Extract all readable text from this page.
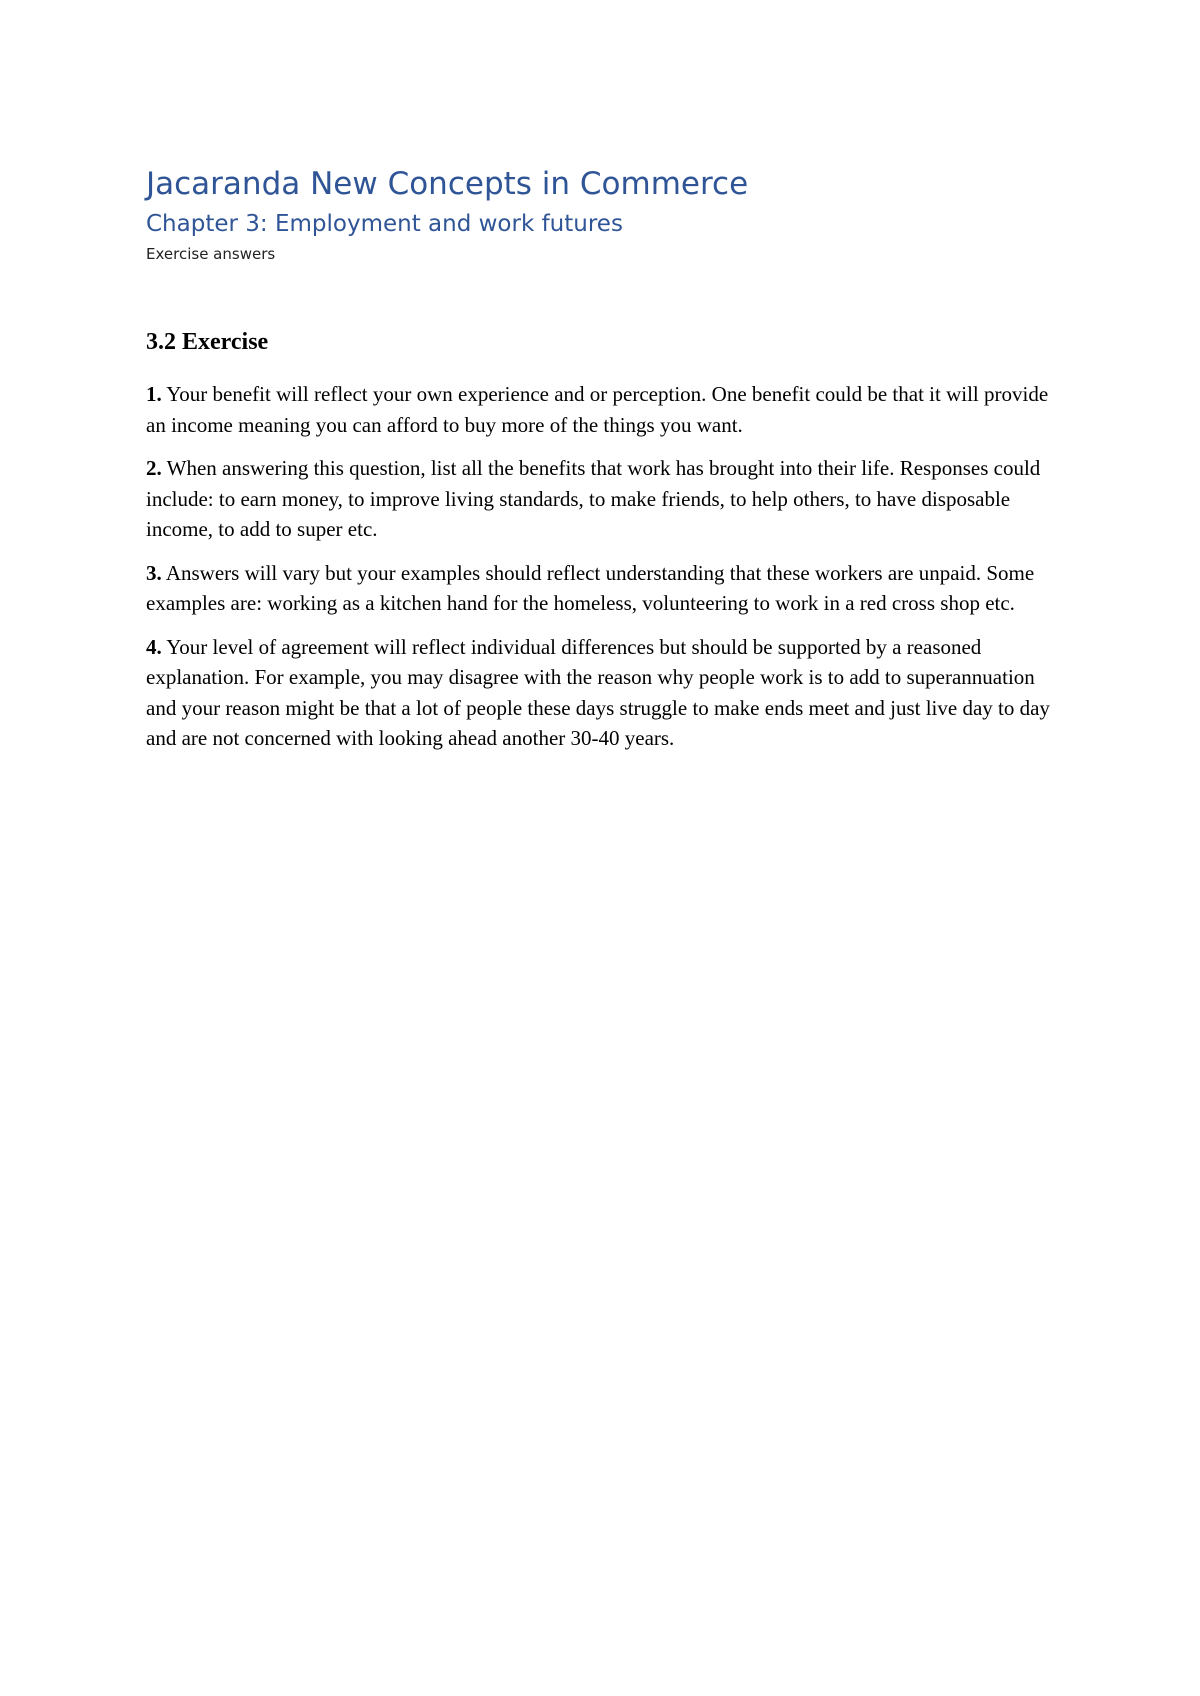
Jacaranda New Concepts in Commerce
Chapter 3: Employment and work futures

Exercise answers

3.2 Exercise

1. Your benefit will reflect your own experience and or perception. One benefit could be that it will provide an income meaning you can afford to buy more of the things you want.

2. When answering this question, list all the benefits that work has brought into their life. Responses could include: to earn money, to improve living standards, to make friends, to help others, to have disposable income, to add to super etc.

3. Answers will vary but your examples should reflect understanding that these workers are unpaid. Some examples are: working as a kitchen hand for the homeless, volunteering to work in a red cross shop etc.

4. Your level of agreement will reflect individual differences but should be supported by a reasoned explanation. For example, you may disagree with the reason why people work is to add to superannuation and your reason might be that a lot of people these days struggle to make ends meet and just live day to day and are not concerned with looking ahead another 30-40 years.
